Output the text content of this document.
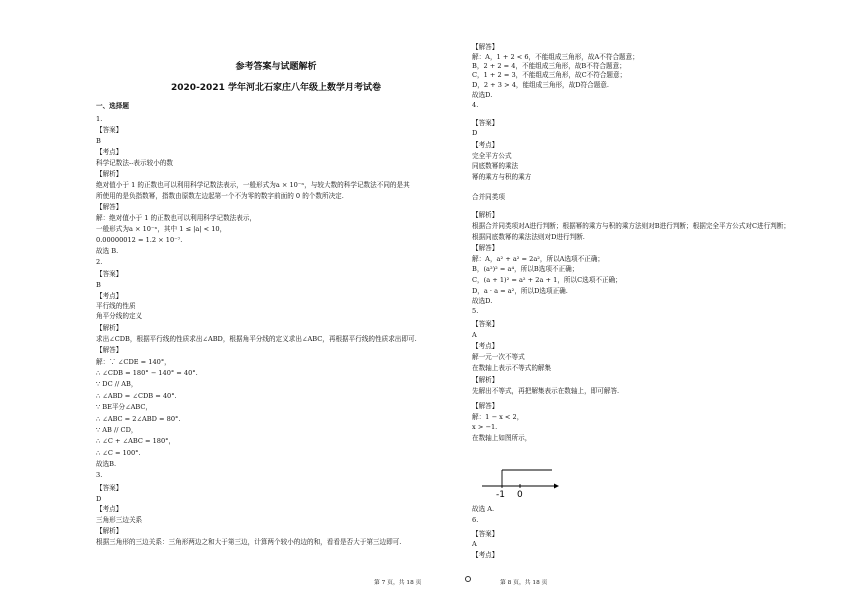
参考答案与试题解析
2020-2021 学年河北石家庄八年级上数学月考试卷
一、选择题
1.
【答案】
B
【考点】
科学记数法--表示较小的数
【解析】
绝对值小于 1 的正数也可以利用科学记数法表示，一般形式为a × 10⁻ⁿ，与较大数的科学记数法不同的是其
所使用的是负指数幂，指数由原数左边起第一个不为零的数字前面的 0 的个数所决定.
【解答】
解：绝对值小于 1 的正数也可以利用科学记数法表示，
一般形式为a × 10⁻ⁿ，其中 1 ≤ |a| < 10，
0.00000012 = 1.2 × 10⁻⁷.
故选 B.
2.
【答案】
B
【考点】
平行线的性质
角平分线的定义
【解析】
求出∠CDB，根据平行线的性质求出∠ABD，根据角平分线的定义求出∠ABC，再根据平行线的性质求出即可.
【解答】
解：∵ ∠CDE = 140°，
∴ ∠CDB = 180° − 140° = 40°.
∵ DC // AB，
∴ ∠ABD = ∠CDB = 40°.
∵ BE平分∠ABC，
∴ ∠ABC = 2∠ABD = 80°.
∵ AB // CD，
∴ ∠C + ∠ABC = 180°，
∴ ∠C = 100°.
故选B.
3.
【答案】
D
【考点】
三角形三边关系
【解析】
根据三角形的三边关系：三角形两边之和大于第三边，计算两个较小的边的和，看看是否大于第三边即可.
【解答】
解：A，1 + 2 < 6，不能组成三角形，故A不符合题意；
B，2 + 2 = 4，不能组成三角形，故B不符合题意；
C，1 + 2 = 3，不能组成三角形，故C不符合题意；
D，2 + 3 > 4，能组成三角形，故D符合题意.
故选D.
4.
【答案】
D
【考点】
完全平方公式
同底数幂的乘法
幂的乘方与积的乘方
合并同类项
【解析】
根据合并同类项对A进行判断；根据幂的乘方与积的乘方法则对B进行判断；根据完全平方公式对C进行判断；
根据同底数幂的乘法法则对D进行判断.
【解答】
解：A，a² + a² = 2a²，所以A选项不正确；
B，(a²)² = a⁴，所以B选项不正确；
C，(a + 1)² = a² + 2a + 1，所以C选项不正确；
D，a · a = a²，所以D选项正确.
故选D.
5.
【答案】
A
【考点】
解一元一次不等式
在数轴上表示不等式的解集
【解析】
先解出不等式，再把解集表示在数轴上，即可解答.
【解答】
解：1 − x < 2，
x > −1.
在数轴上如图所示，
故选 A.
6.
【答案】
A
【考点】
-1 0
第 7 页，共 18 页	第 8 页，共 18 页
